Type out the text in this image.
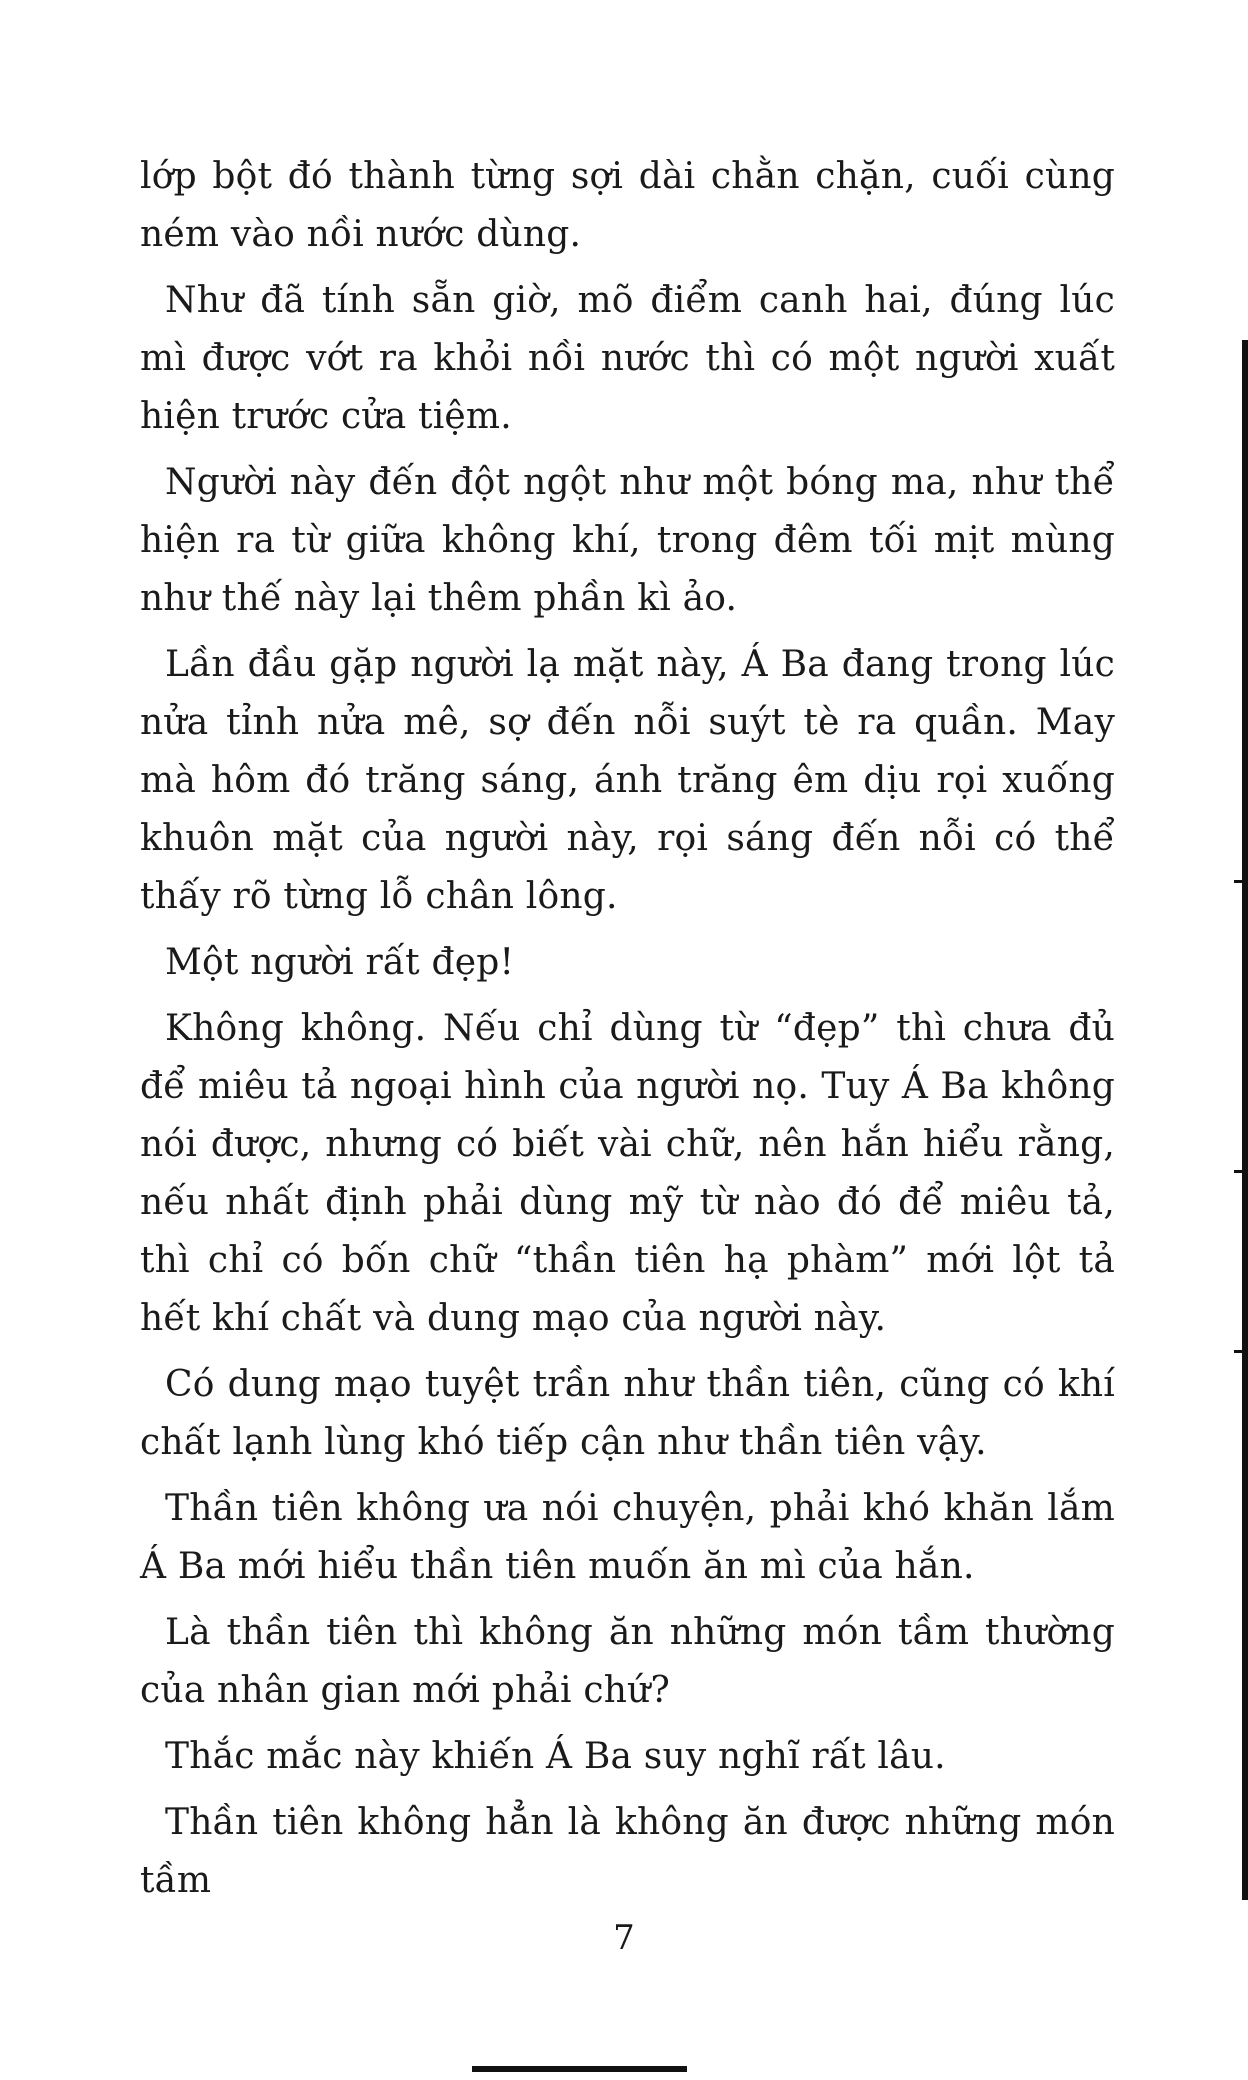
lớp bột đó thành từng sợi dài chằn chặn, cuối cùng ném vào nồi nước dùng.

Như đã tính sẵn giờ, mõ điểm canh hai, đúng lúc mì được vớt ra khỏi nồi nước thì có một người xuất hiện trước cửa tiệm.

Người này đến đột ngột như một bóng ma, như thể hiện ra từ giữa không khí, trong đêm tối mịt mùng như thế này lại thêm phần kì ảo.

Lần đầu gặp người lạ mặt này, Á Ba đang trong lúc nửa tỉnh nửa mê, sợ đến nỗi suýt tè ra quần. May mà hôm đó trăng sáng, ánh trăng êm dịu rọi xuống khuôn mặt của người này, rọi sáng đến nỗi có thể thấy rõ từng lỗ chân lông.

Một người rất đẹp!

Không không. Nếu chỉ dùng từ “đẹp” thì chưa đủ để miêu tả ngoại hình của người nọ. Tuy Á Ba không nói được, nhưng có biết vài chữ, nên hắn hiểu rằng, nếu nhất định phải dùng mỹ từ nào đó để miêu tả, thì chỉ có bốn chữ “thần tiên hạ phàm” mới lột tả hết khí chất và dung mạo của người này.

Có dung mạo tuyệt trần như thần tiên, cũng có khí chất lạnh lùng khó tiếp cận như thần tiên vậy.

Thần tiên không ưa nói chuyện, phải khó khăn lắm Á Ba mới hiểu thần tiên muốn ăn mì của hắn.

Là thần tiên thì không ăn những món tầm thường của nhân gian mới phải chứ?

Thắc mắc này khiến Á Ba suy nghĩ rất lâu.

Thần tiên không hẳn là không ăn được những món tầm

7
